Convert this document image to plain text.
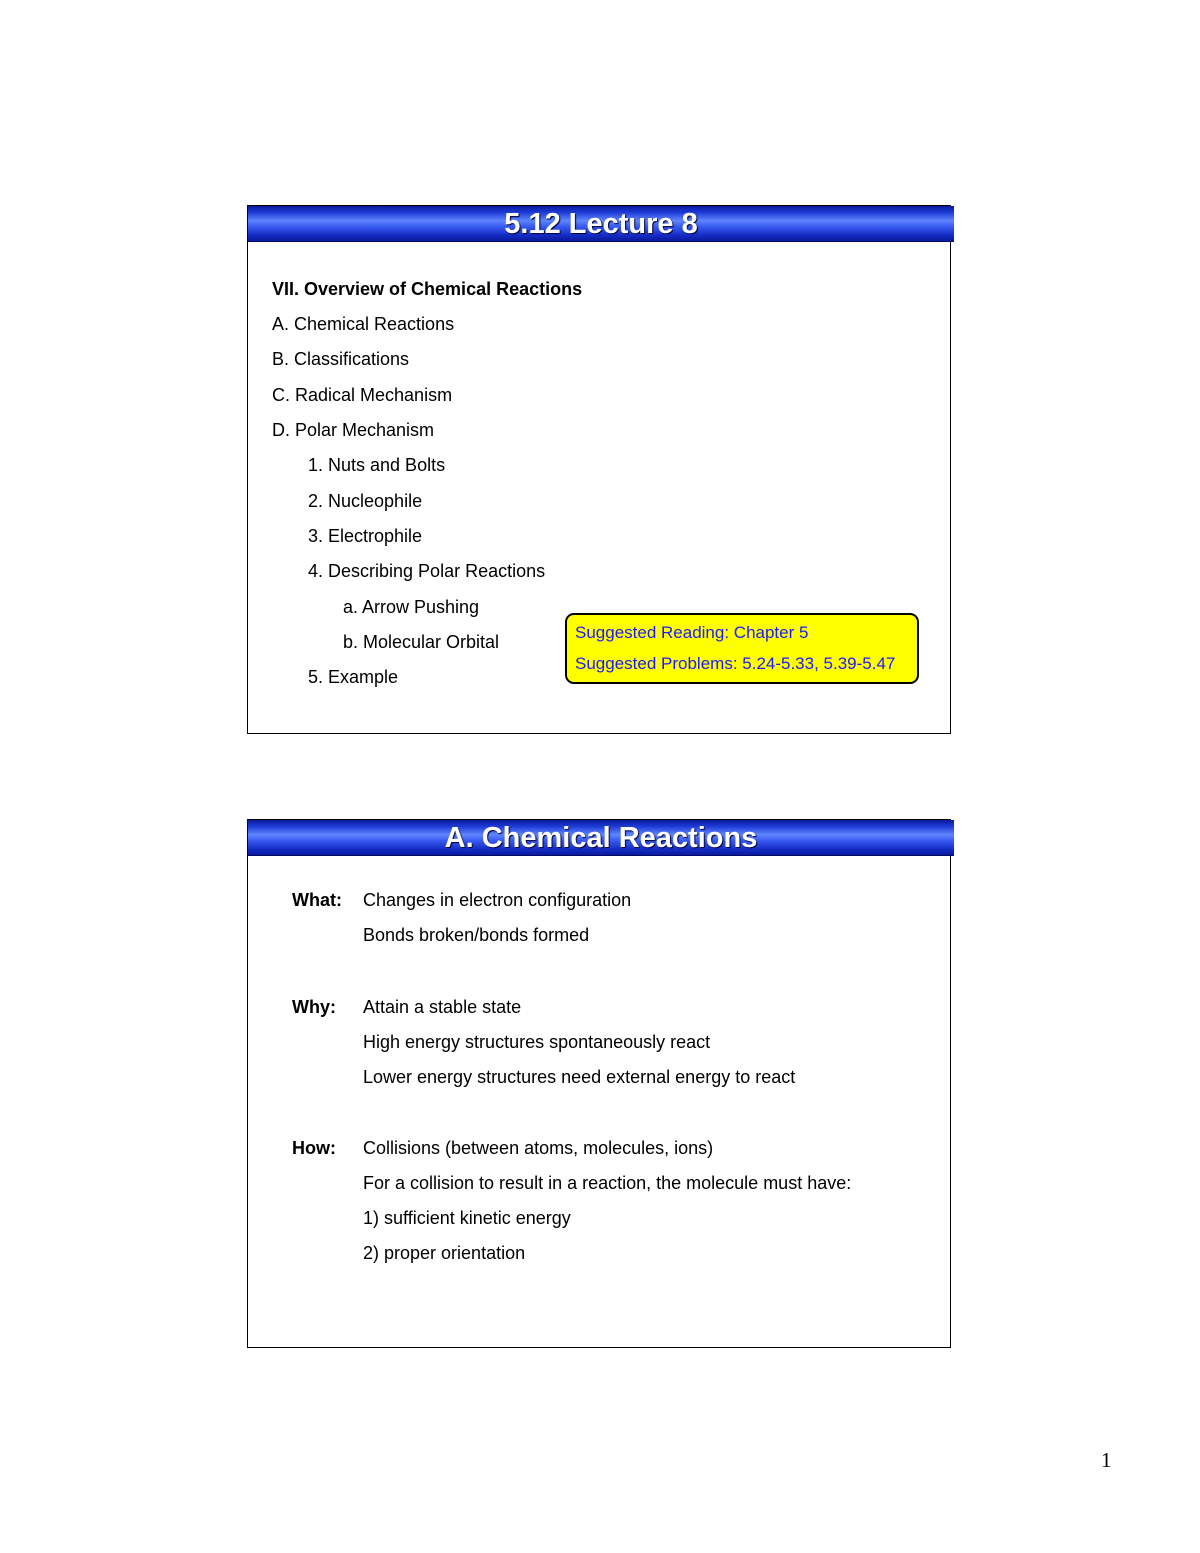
5.12 Lecture 8
VII. Overview of Chemical Reactions
A. Chemical Reactions
B. Classifications
C. Radical Mechanism
D. Polar Mechanism
1. Nuts and Bolts
2. Nucleophile
3. Electrophile
4. Describing Polar Reactions
a. Arrow Pushing
b. Molecular Orbital
5. Example
Suggested Reading: Chapter 5
Suggested Problems: 5.24-5.33, 5.39-5.47
A. Chemical Reactions
What: Changes in electron configuration
Bonds broken/bonds formed
Why: Attain a stable state
High energy structures spontaneously react
Lower energy structures need external energy to react
How: Collisions (between atoms, molecules, ions)
For a collision to result in a reaction, the molecule must have:
1) sufficient kinetic energy
2) proper orientation
1
